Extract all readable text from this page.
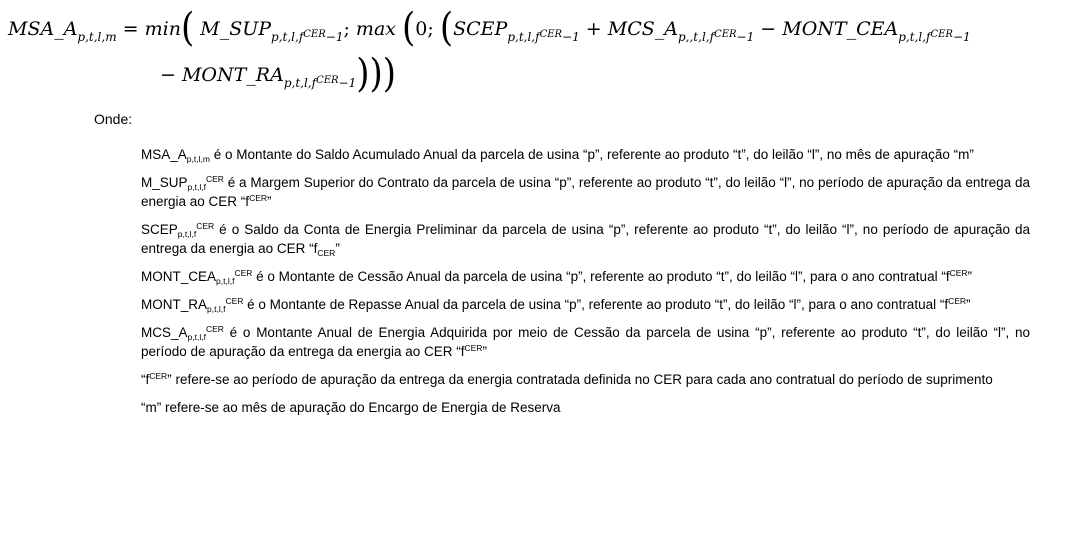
$MSA\_A_{p,t,l,m} = \min$( $M\_SUP_{p,t,l,f^{CER}-1}$; max (0; ($SCEP_{p,t,l,f^{CER}-1}$ + $MCS\_A_{p,,t,l,f^{CER}-1}$ − $MONT\_CEA_{p,t,l,f^{CER}-1}$
− $MONT\_RA_{p,t,l,f^{CER}-1}$)))
Onde:

$MSA\_A_{p,t,l,m}$ é o Montante do Saldo Acumulado Anual da parcela de usina “p”, referente ao produto “t”, do leilão “l”, no mês de apuração “m”

$M\_SUP_{p,t,l,f}^{CER}$ é a Margem Superior do Contrato da parcela de usina “p”, referente ao produto “t”, do leilão “l”, no período de apuração da entrega da energia ao CER “$f^{CER}$”

$SCEP_{p,t,l,f}^{CER}$ é o Saldo da Conta de Energia Preliminar da parcela de usina “p”, referente ao produto “t”, do leilão “l”, no período de apuração da entrega da energia ao CER “$f_{CER}$”

$MONT\_CEA_{p,t,l,f}^{CER}$ é o Montante de Cessão Anual da parcela de usina “p”, referente ao produto “t”, do leilão “l”, para o ano contratual “$f^{CER}$”

$MONT\_RA_{p,t,l,f}^{CER}$ é o Montante de Repasse Anual da parcela de usina “p”, referente ao produto “t”, do leilão “l”, para o ano contratual “$f^{CER}$”

$MCS\_A_{p,t,l,f}^{CER}$ é o Montante Anual de Energia Adquirida por meio de Cessão da parcela de usina “p”, referente ao produto “t”, do leilão “l”, no período de apuração da entrega da energia ao CER “$f^{CER}$”

“$f^{CER}$” refere-se ao período de apuração da entrega da energia contratada definida no CER para cada ano contratual do período de suprimento

“m” refere-se ao mês de apuração do Encargo de Energia de Reserva
